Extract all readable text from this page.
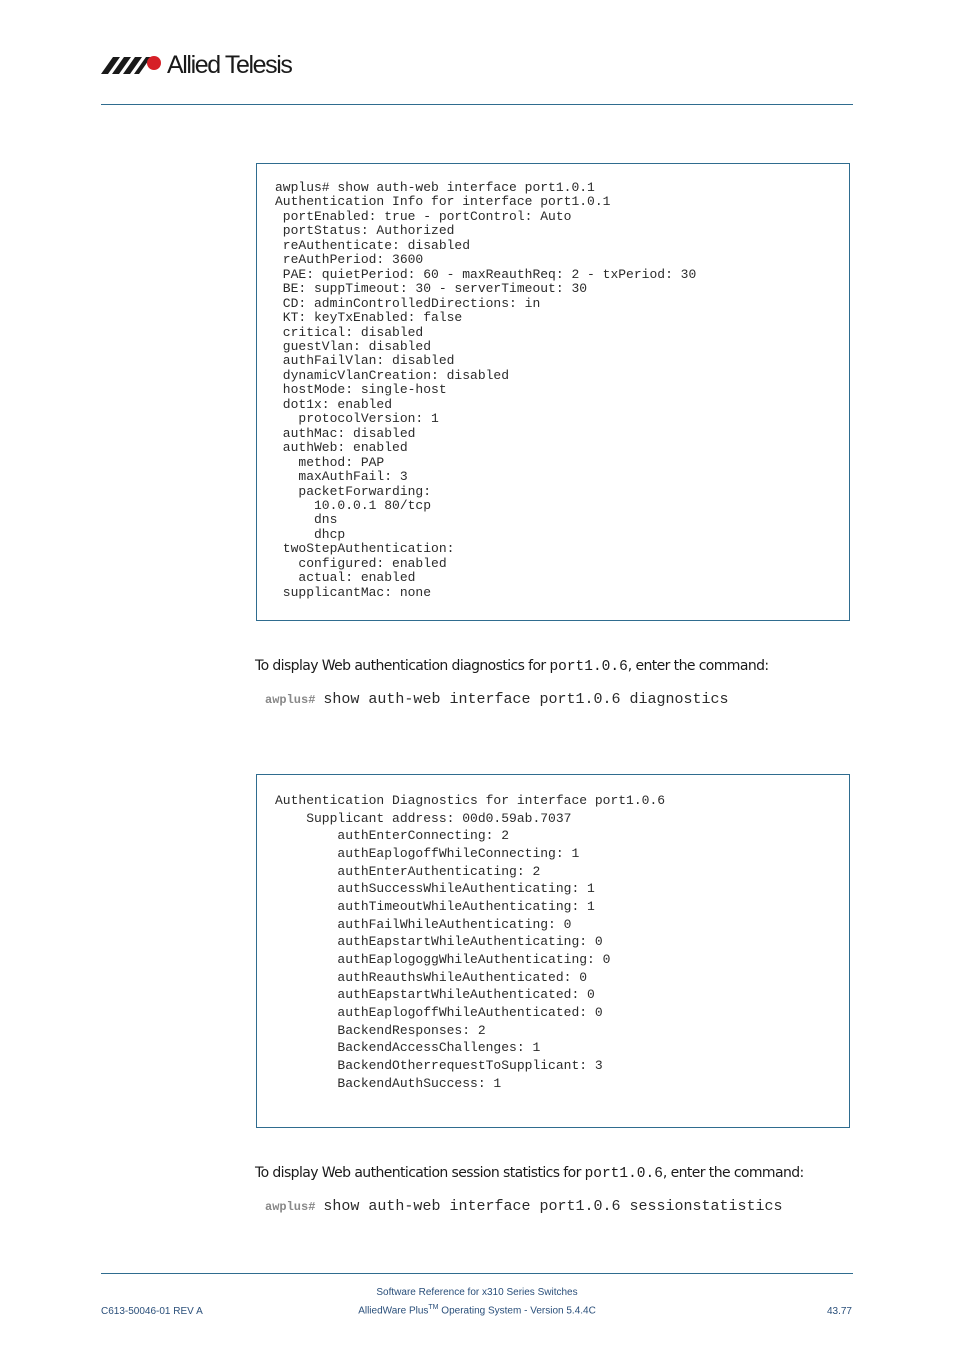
Allied Telesis
awplus# show auth-web interface port1.0.1
Authentication Info for interface port1.0.1
portEnabled: true - portControl: Auto
portStatus: Authorized
reAuthenticate: disabled
reAuthPeriod: 3600
PAE: quietPeriod: 60 - maxReauthReq: 2 - txPeriod: 30
BE: suppTimeout: 30 - serverTimeout: 30
CD: adminControlledDirections: in
KT: keyTxEnabled: false
critical: disabled
guestVlan: disabled
authFailVlan: disabled
dynamicVlanCreation: disabled
hostMode: single-host
dot1x: enabled
protocolVersion: 1
authMac: disabled
authWeb: enabled
method: PAP
maxAuthFail: 3
packetForwarding:
10.0.0.1 80/tcp
dns
dhcp
twoStepAuthentication:
configured: enabled
actual: enabled
supplicantMac: none
To display Web authentication diagnostics for port1.0.6, enter the command:
awplus# show auth-web interface port1.0.6 diagnostics
Authentication Diagnostics for interface port1.0.6
Supplicant address: 00d0.59ab.7037
authEnterConnecting: 2
authEaplogoffWhileConnecting: 1
authEnterAuthenticating: 2
authSuccessWhileAuthenticating: 1
authTimeoutWhileAuthenticating: 1
authFailWhileAuthenticating: 0
authEapstartWhileAuthenticating: 0
authEaplogoggWhileAuthenticating: 0
authReauthsWhileAuthenticated: 0
authEapstartWhileAuthenticated: 0
authEaplogoffWhileAuthenticated: 0
BackendResponses: 2
BackendAccessChallenges: 1
BackendOtherrequestToSupplicant: 3
BackendAuthSuccess: 1
To display Web authentication session statistics for port1.0.6, enter the command:
awplus# show auth-web interface port1.0.6 sessionstatistics
C613-50046-01 REV A
Software Reference for x310 Series Switches
AlliedWare Plus™ Operating System - Version 5.4.4C	43.77
